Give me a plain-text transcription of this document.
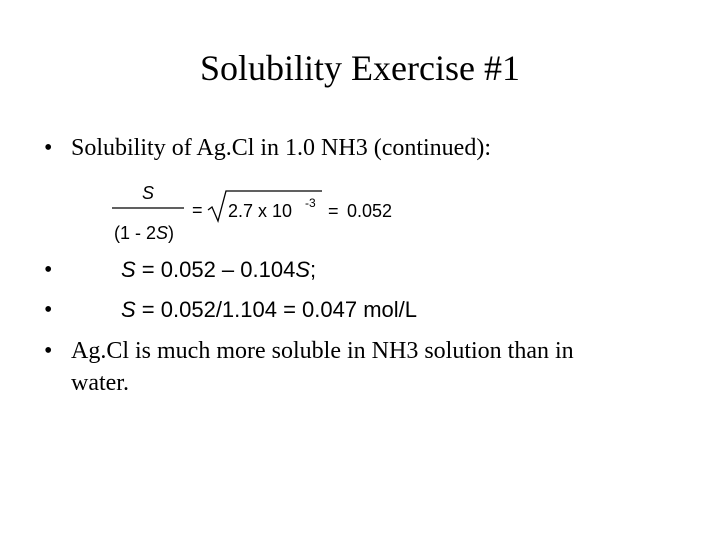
Solubility Exercise #1
• Solubility of Ag.Cl in 1.0 NH3 (continued):
S
(1 - 2S)
= 2.7 x 10 -3 = 0.052
•	S = 0.052 – 0.104S;
•	S = 0.052/1.104 = 0.047 mol/L
• Ag.Cl is much more soluble in NH3 solution than in
water.
